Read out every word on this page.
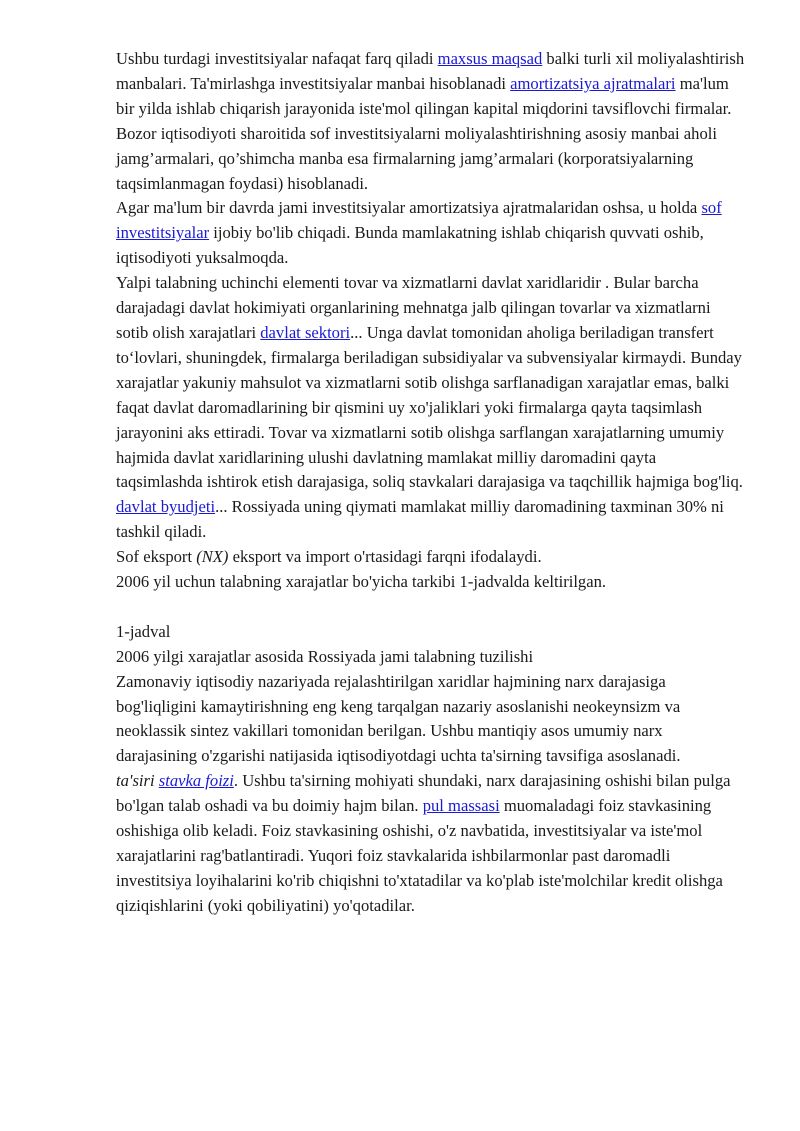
Ushbu turdagi investitsiyalar nafaqat farq qiladi maxsus maqsad balki turli xil moliyalashtirish manbalari. Ta'mirlashga investitsiyalar manbai hisoblanadi amortizatsiya ajratmalari ma'lum bir yilda ishlab chiqarish jarayonida iste'mol qilingan kapital miqdorini tavsiflovchi firmalar. Bozor iqtisodiyoti sharoitida sof investitsiyalarni moliyalashtirishning asosiy manbai aholi jamg’armalari, qo’shimcha manba esa firmalarning jamg’armalari (korporatsiyalarning taqsimlanmagan foydasi) hisoblanadi.

Agar ma'lum bir davrda jami investitsiyalar amortizatsiya ajratmalaridan oshsa, u holda sof investitsiyalar ijobiy bo'lib chiqadi. Bunda mamlakatning ishlab chiqarish quvvati oshib, iqtisodiyoti yuksalmoqda.

Yalpi talabning uchinchi elementi tovar va xizmatlarni davlat xaridlaridir . Bular barcha darajadagi davlat hokimiyati organlarining mehnatga jalb qilingan tovarlar va xizmatlarni sotib olish xarajatlari davlat sektori... Unga davlat tomonidan aholiga beriladigan transfert to‘lovlari, shuningdek, firmalarga beriladigan subsidiyalar va subvensiyalar kirmaydi. Bunday xarajatlar yakuniy mahsulot va xizmatlarni sotib olishga sarflanadigan xarajatlar emas, balki faqat davlat daromadlarining bir qismini uy xo'jaliklari yoki firmalarga qayta taqsimlash jarayonini aks ettiradi. Tovar va xizmatlarni sotib olishga sarflangan xarajatlarning umumiy hajmida davlat xaridlarining ulushi davlatning mamlakat milliy daromadini qayta taqsimlashda ishtirok etish darajasiga, soliq stavkalari darajasiga va taqchillik hajmiga bog'liq. davlat byudjeti... Rossiyada uning qiymati mamlakat milliy daromadining taxminan 30% ni tashkil qiladi.

Sof eksport (NX) eksport va import o'rtasidagi farqni ifodalaydi.

2006 yil uchun talabning xarajatlar bo'yicha tarkibi 1-jadvalda keltirilgan.

1-jadval

2006 yilgi xarajatlar asosida Rossiyada jami talabning tuzilishi

Zamonaviy iqtisodiy nazariyada rejalashtirilgan xaridlar hajmining narx darajasiga bog'liqligini kamaytirishning eng keng tarqalgan nazariy asoslanishi neokeynsizm va neoklassik sintez vakillari tomonidan berilgan. Ushbu mantiqiy asos umumiy narx darajasining o'zgarishi natijasida iqtisodiyotdagi uchta ta'sirning tavsifiga asoslanadi.

ta'siri stavka foizi. Ushbu ta'sirning mohiyati shundaki, narx darajasining oshishi bilan pulga bo'lgan talab oshadi va bu doimiy hajm bilan. pul massasi muomaladagi foiz stavkasining oshishiga olib keladi. Foiz stavkasining oshishi, o'z navbatida, investitsiyalar va iste'mol xarajatlarini rag'batlantiradi. Yuqori foiz stavkalarida ishbilarmonlar past daromadli investitsiya loyihalarini ko'rib chiqishni to'xtatadilar va ko'plab iste'molchilar kredit olishga qiziqishlarini (yoki qobiliyatini) yo'qotadilar.
